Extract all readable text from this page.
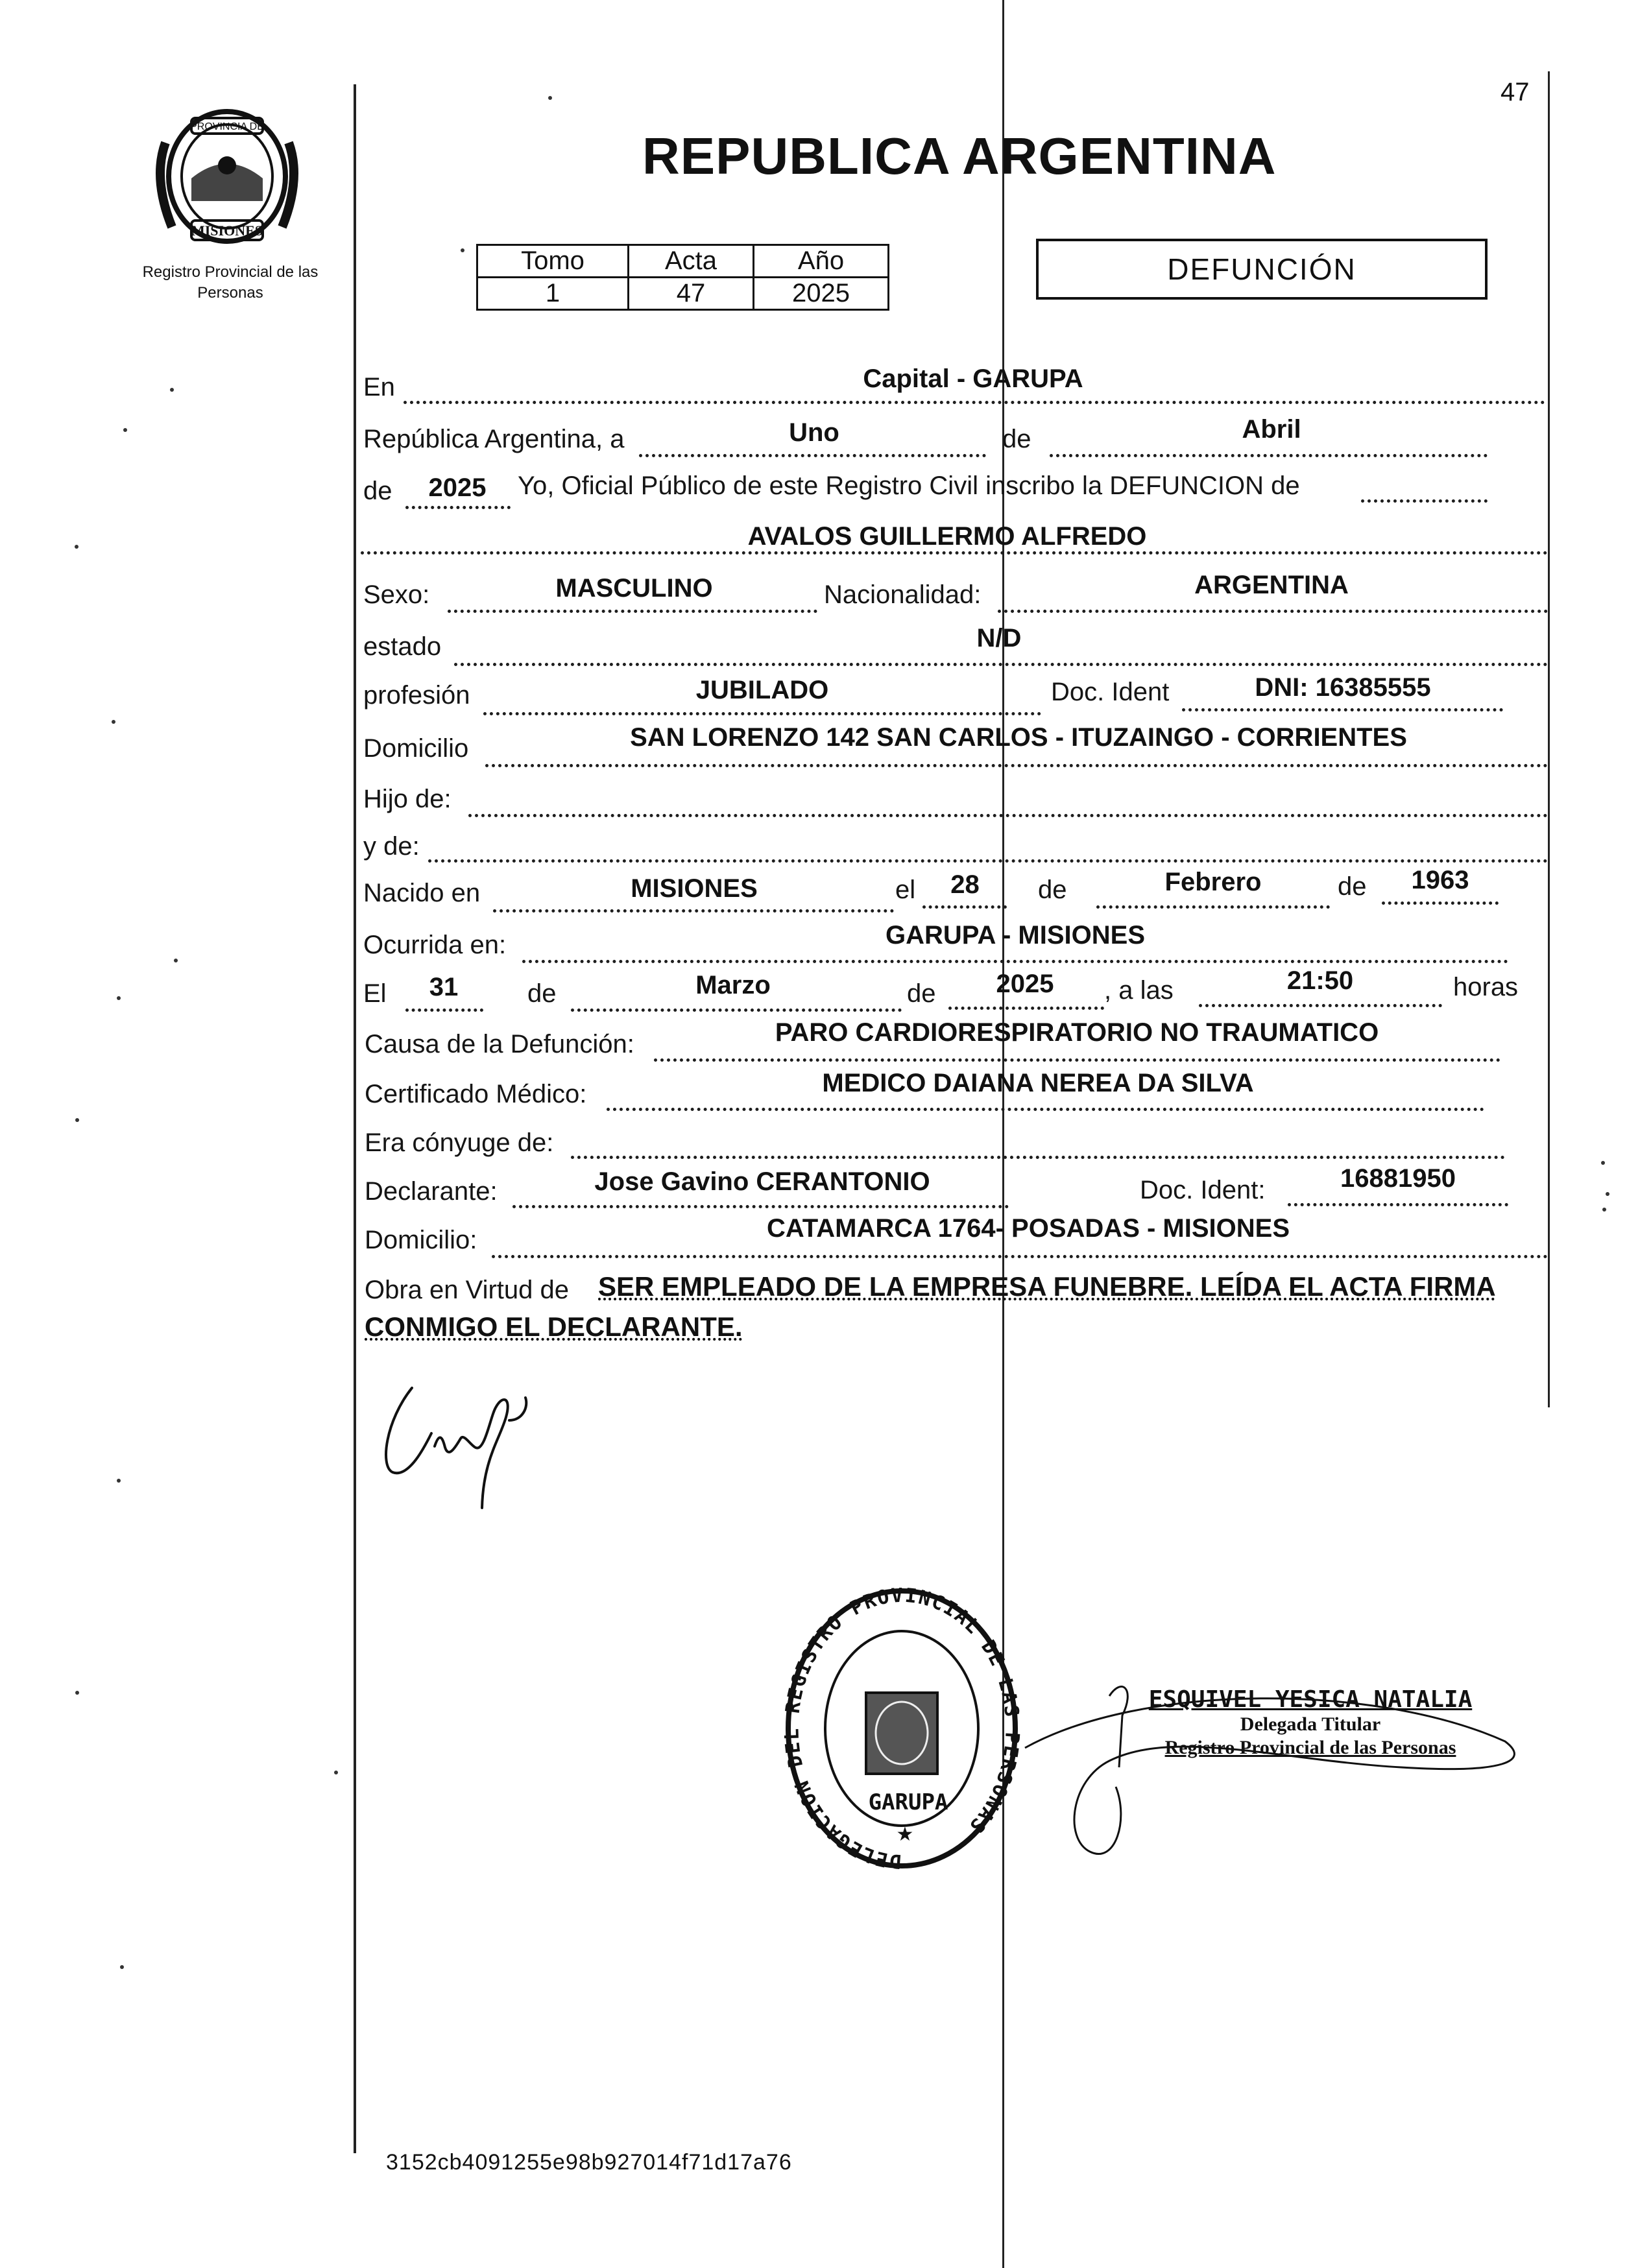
47
PROVINCIA DE
MISIONES
Registro Provincial de las Personas
REPUBLICA ARGENTINA
Tomo	Acta	Año
1	47	2025
DEFUNCIÓN
En	Capital - GARUPA
República Argentina, a	Uno	de	Abril
de	2025	Yo, Oficial Público de este Registro Civil inscribo la DEFUNCION de
AVALOS GUILLERMO ALFREDO
Sexo:	MASCULINO	Nacionalidad:	ARGENTINA
estado	N/D
profesión	JUBILADO	Doc. Ident	DNI: 16385555
Domicilio	SAN LORENZO 142 SAN CARLOS - ITUZAINGO - CORRIENTES
Hijo de:
y de:
Nacido en	MISIONES	el	28	de	Febrero	de	1963
Ocurrida en:	GARUPA - MISIONES
El	31	de	Marzo	de	2025	, a las	21:50	horas
Causa de la Defunción:	PARO CARDIORESPIRATORIO NO TRAUMATICO
Certificado Médico:	MEDICO DAIANA NEREA DA SILVA
Era cónyuge de:
Declarante:	Jose Gavino CERANTONIO	Doc. Ident:	16881950
Domicilio:	CATAMARCA 1764- POSADAS - MISIONES
Obra en Virtud de SER EMPLEADO DE LA EMPRESA FUNEBRE. LEÍDA EL ACTA FIRMA
CONMIGO EL DECLARANTE.
DELEGACION DEL REGISTRO PROVINCIAL DE LAS PERSONAS
GARUPA
★
ESQUIVEL YESICA NATALIA
Delegada Titular
Registro Provincial de las Personas
3152cb4091255e98b927014f71d17a76
